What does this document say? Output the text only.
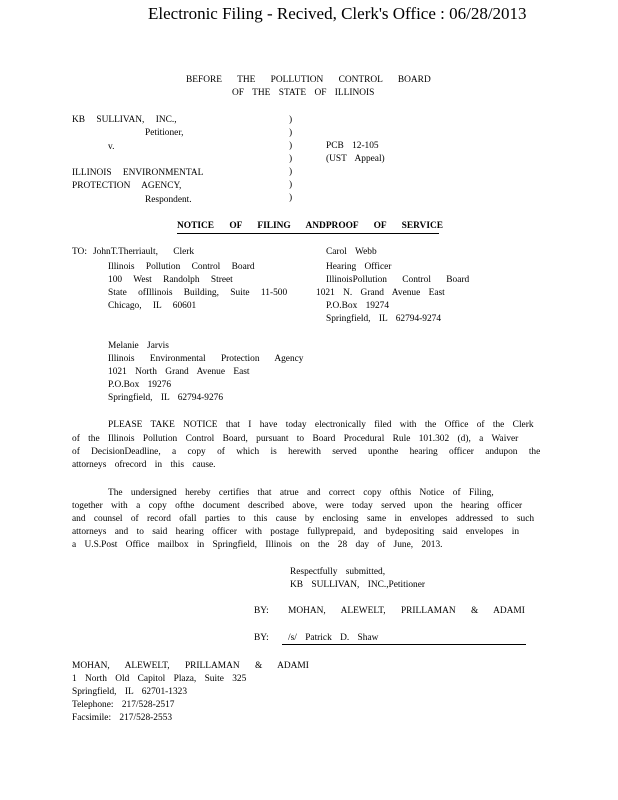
Electronic Filing - Recived, Clerk's Office : 06/28/2013
BEFORE THE POLLUTION CONTROL BOARD
OF THE STATE OF ILLINOIS
KB SULLIVAN, INC.,
Petitioner,
v.
ILLINOIS ENVIRONMENTAL
PROTECTION AGENCY,
Respondent.
)
)
)
)
)
)
)
PCB 12-105
(UST Appeal)
NOTICE OF FILING ANDPROOF OF SERVICE
TO: JohnT.Therriault, Clerk
Illinois Pollution Control Board
100 West Randolph Street
State ofIllinois Building, Suite 11-500
Chicago, IL 60601
Carol Webb
Hearing Officer
IllinoisPollution Control Board
1021 N. Grand Avenue East
P.O.Box 19274
Springfield, IL 62794-9274
Melanie Jarvis
Illinois Environmental Protection Agency
1021 North Grand Avenue East
P.O.Box 19276
Springfield, IL 62794-9276
PLEASE TAKE NOTICE that I have today electronically filed with the Office of the Clerk
of the Illinois Pollution Control Board, pursuant to Board Procedural Rule 101.302 (d), a Waiver
of DecisionDeadline, a copy of which is herewith served uponthe hearing officer andupon the
attorneys ofrecord in this cause.
The undersigned hereby certifies that atrue and correct copy ofthis Notice of Filing,
together with a copy ofthe document described above, were today served upon the hearing officer
and counsel of record ofall parties to this cause by enclosing same in envelopes addressed to such
attorneys and to said hearing officer with postage fullyprepaid, and bydepositing said envelopes in
a U.S.Post Office mailbox in Springfield, Illinois on the 28 day of June, 2013.
Respectfully submitted,
KB SULLIVAN, INC.,Petitioner
BY: MOHAN, ALEWELT, PRILLAMAN & ADAMI
BY: /s/ Patrick D. Shaw
MOHAN, ALEWELT, PRILLAMAN & ADAMI
1 North Old Capitol Plaza, Suite 325
Springfield, IL 62701-1323
Telephone: 217/528-2517
Facsimile: 217/528-2553
